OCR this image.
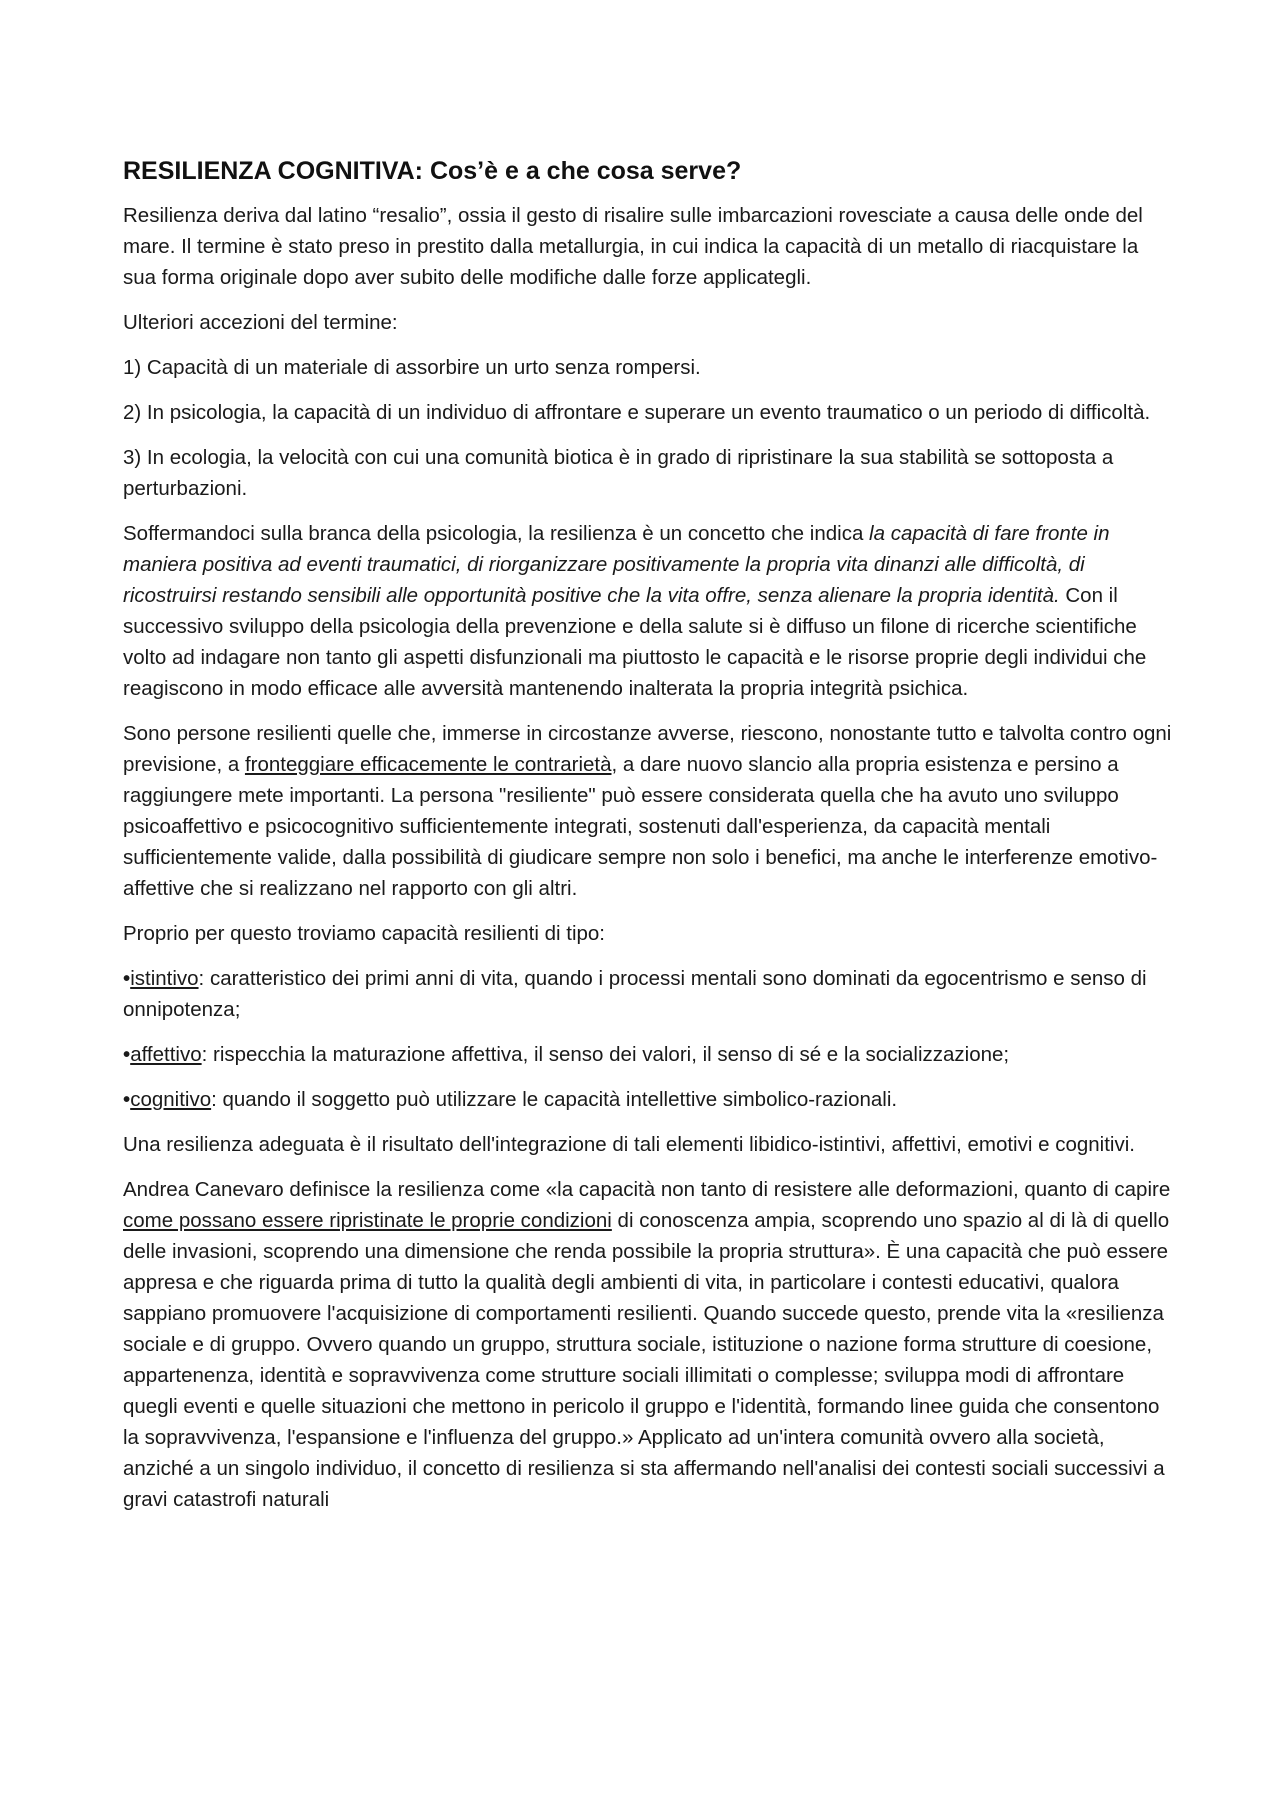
RESILIENZA COGNITIVA: Cos’è e a che cosa serve?

Resilienza deriva dal latino “resalio”, ossia il gesto di risalire sulle imbarcazioni rovesciate a causa delle onde del mare. Il termine è stato preso in prestito dalla metallurgia, in cui indica la capacità di un metallo di riacquistare la sua forma originale dopo aver subito delle modifiche dalle forze applicategli.

Ulteriori accezioni del termine:

1) Capacità di un materiale di assorbire un urto senza rompersi.

2) In psicologia, la capacità di un individuo di affrontare e superare un evento traumatico o un periodo di difficoltà.

3) In ecologia, la velocità con cui una comunità biotica è in grado di ripristinare la sua stabilità se sottoposta a perturbazioni.

Soffermandoci sulla branca della psicologia, la resilienza è un concetto che indica la capacità di fare fronte in maniera positiva ad eventi traumatici, di riorganizzare positivamente la propria vita dinanzi alle difficoltà, di ricostruirsi restando sensibili alle opportunità positive che la vita offre, senza alienare la propria identità. Con il successivo sviluppo della psicologia della prevenzione e della salute si è diffuso un filone di ricerche scientifiche volto ad indagare non tanto gli aspetti disfunzionali ma piuttosto le capacità e le risorse proprie degli individui che reagiscono in modo efficace alle avversità mantenendo inalterata la propria integrità psichica.

Sono persone resilienti quelle che, immerse in circostanze avverse, riescono, nonostante tutto e talvolta contro ogni previsione, a fronteggiare efficacemente le contrarietà, a dare nuovo slancio alla propria esistenza e persino a raggiungere mete importanti. La persona "resiliente" può essere considerata quella che ha avuto uno sviluppo psicoaffettivo e psicocognitivo sufficientemente integrati, sostenuti dall'esperienza, da capacità mentali sufficientemente valide, dalla possibilità di giudicare sempre non solo i benefici, ma anche le interferenze emotivo-affettive che si realizzano nel rapporto con gli altri.

Proprio per questo troviamo capacità resilienti di tipo:

•istintivo: caratteristico dei primi anni di vita, quando i processi mentali sono dominati da egocentrismo e senso di onnipotenza;

•affettivo: rispecchia la maturazione affettiva, il senso dei valori, il senso di sé e la socializzazione;

•cognitivo: quando il soggetto può utilizzare le capacità intellettive simbolico-razionali.

Una resilienza adeguata è il risultato dell'integrazione di tali elementi libidico-istintivi, affettivi, emotivi e cognitivi.

Andrea Canevaro definisce la resilienza come «la capacità non tanto di resistere alle deformazioni, quanto di capire come possano essere ripristinate le proprie condizioni di conoscenza ampia, scoprendo uno spazio al di là di quello delle invasioni, scoprendo una dimensione che renda possibile la propria struttura». È una capacità che può essere appresa e che riguarda prima di tutto la qualità degli ambienti di vita, in particolare i contesti educativi, qualora sappiano promuovere l'acquisizione di comportamenti resilienti. Quando succede questo, prende vita la «resilienza sociale e di gruppo. Ovvero quando un gruppo, struttura sociale, istituzione o nazione forma strutture di coesione, appartenenza, identità e sopravvivenza come strutture sociali illimitati o complesse; sviluppa modi di affrontare quegli eventi e quelle situazioni che mettono in pericolo il gruppo e l'identità, formando linee guida che consentono la sopravvivenza, l'espansione e l'influenza del gruppo.» Applicato ad un'intera comunità ovvero alla società, anziché a un singolo individuo, il concetto di resilienza si sta affermando nell'analisi dei contesti sociali successivi a gravi catastrofi naturali
